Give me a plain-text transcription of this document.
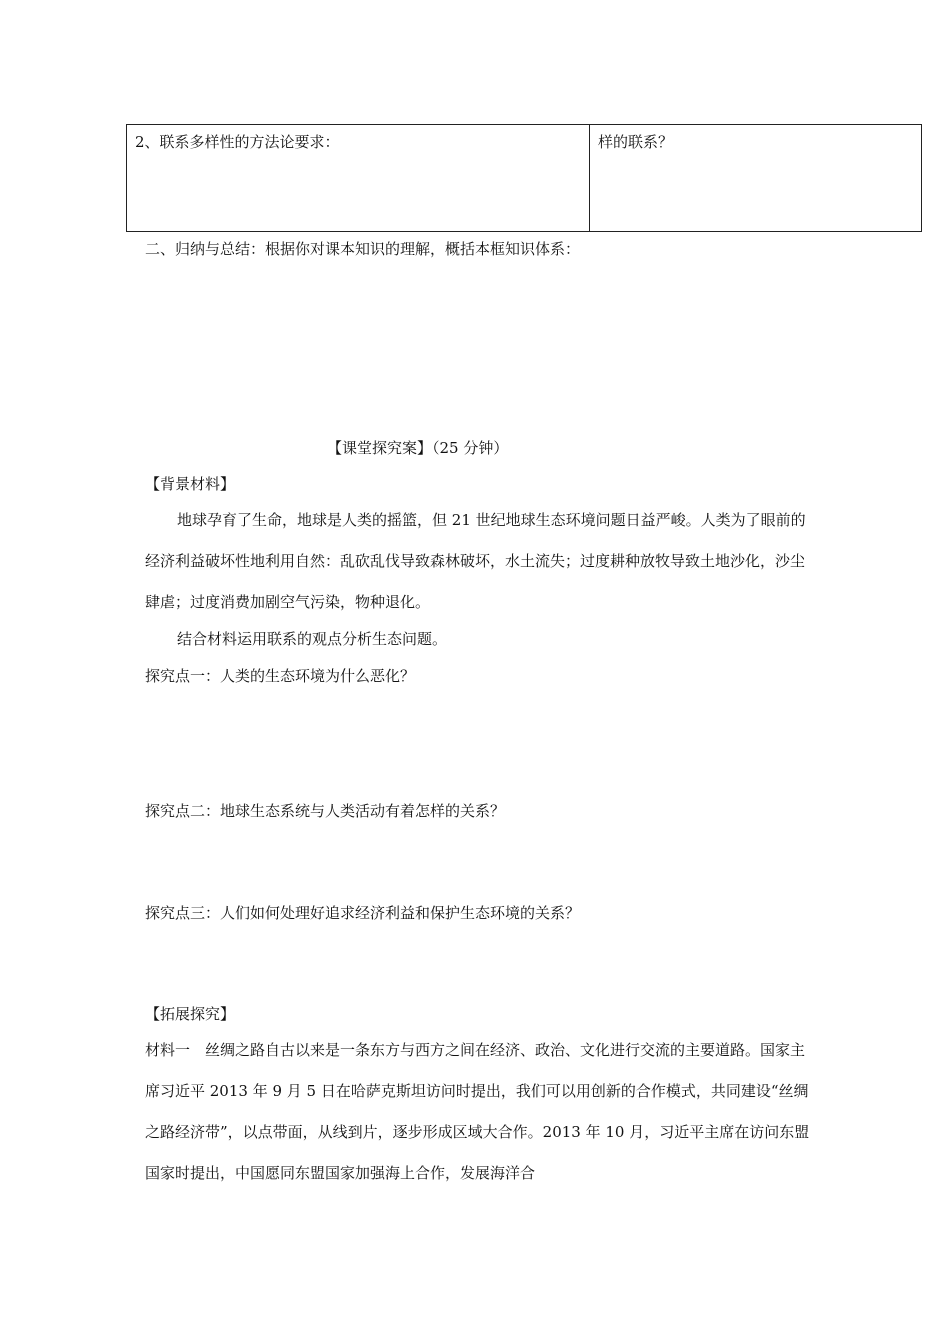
2、联系多样性的方法论要求：	样的联系？
二、归纳与总结：根据你对课本知识的理解，概括本框知识体系：
【课堂探究案】（25 分钟）
【背景材料】
地球孕育了生命，地球是人类的摇篮，但 21 世纪地球生态环境问题日益严峻。人类为了眼前的经济利益破坏性地利用自然：乱砍乱伐导致森林破坏，水土流失；过度耕种放牧导致土地沙化，沙尘肆虐；过度消费加剧空气污染，物种退化。
结合材料运用联系的观点分析生态问题。
探究点一：人类的生态环境为什么恶化？
探究点二：地球生态系统与人类活动有着怎样的关系？
探究点三：人们如何处理好追求经济利益和保护生态环境的关系？
【拓展探究】
材料一　丝绸之路自古以来是一条东方与西方之间在经济、政治、文化进行交流的主要道路。国家主席习近平 2013 年 9 月 5 日在哈萨克斯坦访问时提出，我们可以用创新的合作模式，共同建设“丝绸之路经济带”，以点带面，从线到片，逐步形成区域大合作。2013 年 10 月，习近平主席在访问东盟国家时提出，中国愿同东盟国家加强海上合作，发展海洋合
